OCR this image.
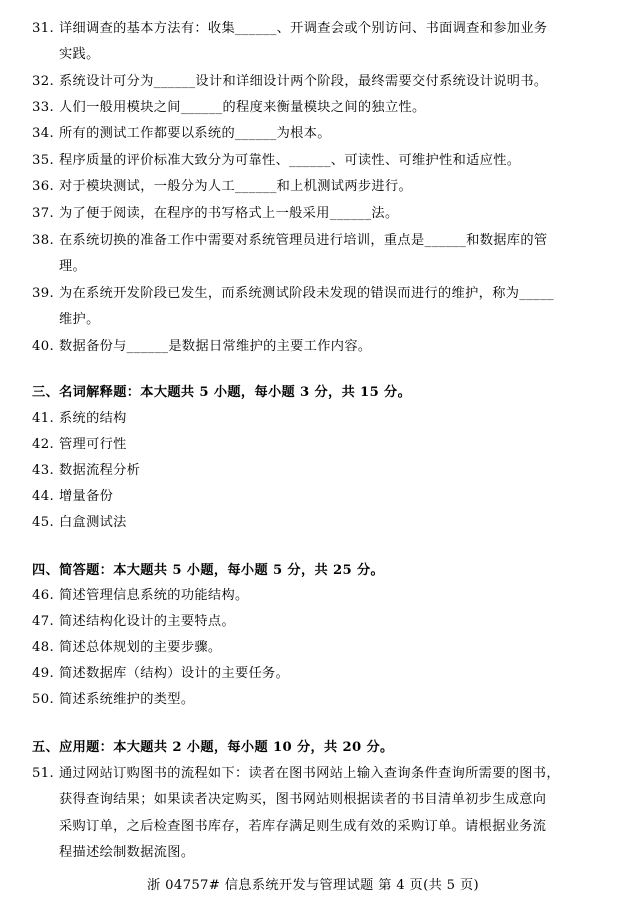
31. 详细调查的基本方法有：收集______、开调查会或个别访问、书面调查和参加业务
实践。
32. 系统设计可分为______设计和详细设计两个阶段，最终需要交付系统设计说明书。
33. 人们一般用模块之间______的程度来衡量模块之间的独立性。
34. 所有的测试工作都要以系统的______为根本。
35. 程序质量的评价标准大致分为可靠性、______、可读性、可维护性和适应性。
36. 对于模块测试，一般分为人工______和上机测试两步进行。
37. 为了便于阅读，在程序的书写格式上一般采用______法。
38. 在系统切换的准备工作中需要对系统管理员进行培训，重点是______和数据库的管
理。
39. 为在系统开发阶段已发生，而系统测试阶段未发现的错误而进行的维护，称为_____
维护。
40. 数据备份与______是数据日常维护的主要工作内容。
三、名词解释题：本大题共 5 小题，每小题 3 分，共 15 分。
41. 系统的结构
42. 管理可行性
43. 数据流程分析
44. 增量备份
45. 白盒测试法
四、简答题：本大题共 5 小题，每小题 5 分，共 25 分。
46. 简述管理信息系统的功能结构。
47. 简述结构化设计的主要特点。
48. 简述总体规划的主要步骤。
49. 简述数据库（结构）设计的主要任务。
50. 简述系统维护的类型。
五、应用题：本大题共 2 小题，每小题 10 分，共 20 分。
51. 通过网站订购图书的流程如下：读者在图书网站上输入查询条件查询所需要的图书，
获得查询结果；如果读者决定购买，图书网站则根据读者的书目清单初步生成意向
采购订单，之后检查图书库存，若库存满足则生成有效的采购订单。请根据业务流
程描述绘制数据流图。
浙 04757# 信息系统开发与管理试题 第 4 页(共 5 页)
